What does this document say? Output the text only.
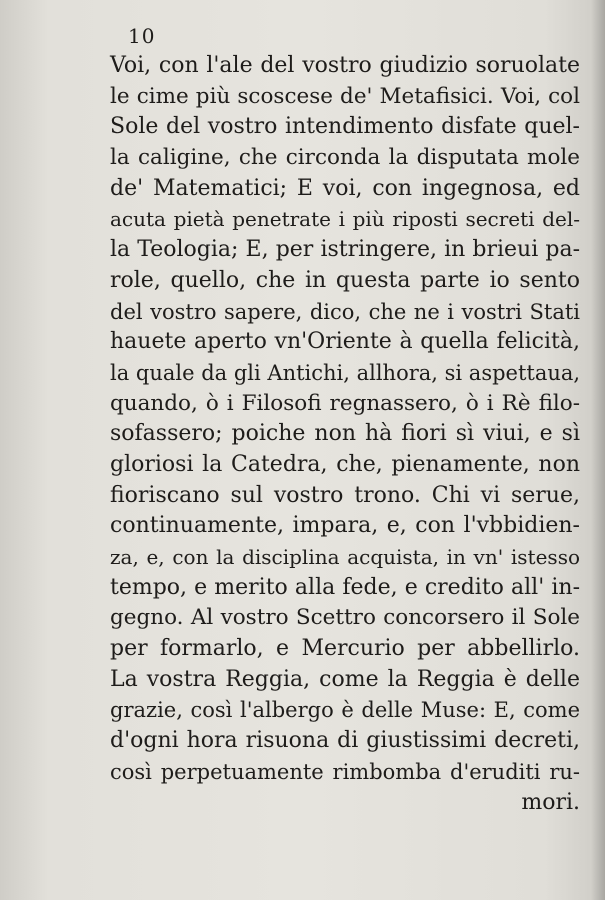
10
Voi, con l'ale del vostro giudizio soruolate
le cime più scoscese de' Metafisici. Voi, col
Sole del vostro intendimento disfate quel-
la caligine, che circonda la disputata mole
de' Matematici; E voi, con ingegnosa, ed
acuta pietà penetrate i più riposti secreti del-
la Teologia; E, per istringere, in brieui pa-
role, quello, che in questa parte io sento
del vostro sapere, dico, che ne i vostri Stati
hauete aperto vn'Oriente à quella felicità,
la quale da gli Antichi, allhora, si aspettaua,
quando, ò i Filosofi regnassero, ò i Rè filo-
sofassero; poiche non hà fiori sì viui, e sì
gloriosi la Catedra, che, pienamente, non
fioriscano sul vostro trono. Chi vi serue,
continuamente, impara, e, con l'vbbidien-
za, e, con la disciplina acquista, in vn' istesso
tempo, e merito alla fede, e credito all' in-
gegno. Al vostro Scettro concorsero il Sole
per formarlo, e Mercurio per abbellirlo.
La vostra Reggia, come la Reggia è delle
grazie, così l'albergo è delle Muse: E, come
d'ogni hora risuona di giustissimi decreti,
così perpetuamente rimbomba d'eruditi ru-
mori.
